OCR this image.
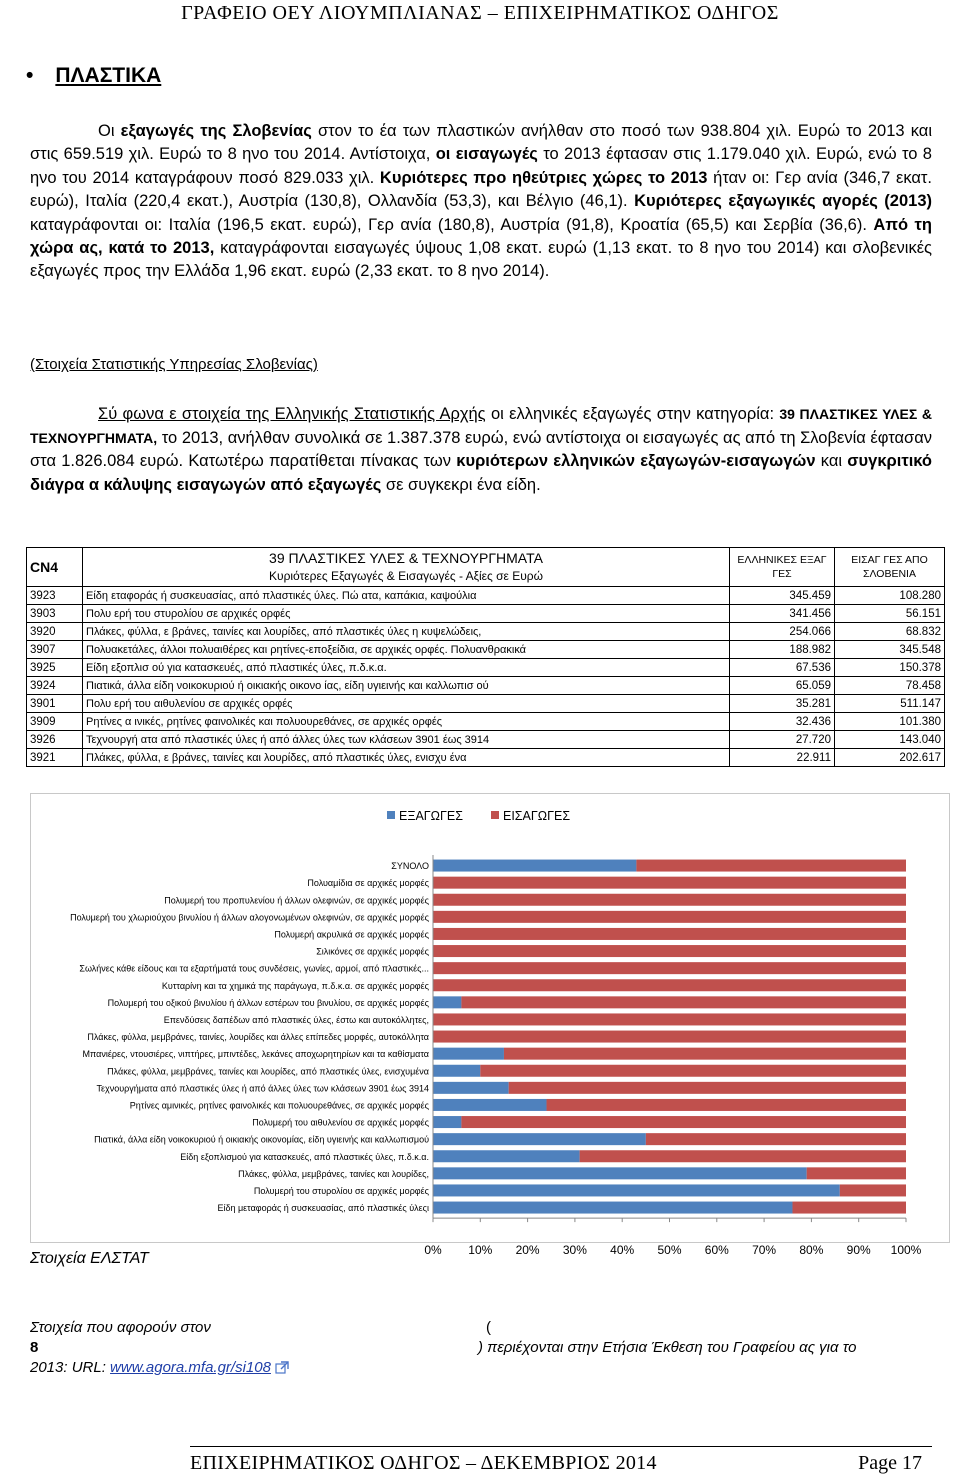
ΓΡΑΦΕΙΟ ΟΕΥ ΛΙΟΥΜΠΛΙΑΝΑΣ – ΕΠΙΧΕΙΡΗΜΑΤΙΚΟΣ ΟΔΗΓΟΣ
• ΠΛΑΣΤΙΚΑ
Οι εξαγωγές της Σλοβενίας στον το έα των πλαστικών ανήλθαν στο ποσό των 938.804 χιλ. Ευρώ το 2013 και στις 659.519 χιλ. Ευρώ το 8 ηνο του 2014. Αντίστοιχα, οι εισαγωγές το 2013 έφτασαν στις 1.179.040 χιλ. Ευρώ, ενώ το 8 ηνο του 2014 καταγράφουν ποσό 829.033 χιλ. Κυριότερες προ ηθεύτριες χώρες το 2013 ήταν οι: Γερ ανία (346,7 εκατ. ευρώ), Ιταλία (220,4 εκατ.), Αυστρία (130,8), Ολλανδία (53,3), και Βέλγιο (46,1). Κυριότερες εξαγωγικές αγορές (2013) καταγράφονται οι: Ιταλία (196,5 εκατ. ευρώ), Γερ ανία (180,8), Αυστρία (91,8), Κροατία (65,5) και Σερβία (36,6). Από τη χώρα ας, κατά το 2013, καταγράφονται εισαγωγές ύψους 1,08 εκατ. ευρώ (1,13 εκατ. το 8 ηνο του 2014) και σλοβενικές εξαγωγές προς την Ελλάδα 1,96 εκατ. ευρώ (2,33 εκατ. το 8 ηνο 2014).
(Στοιχεία Στατιστικής Υπηρεσίας Σλοβενίας)
Σύ φωνα ε στοιχεία της Ελληνικής Στατιστικής Αρχής οι ελληνικές εξαγωγές στην κατηγορία: 39 ΠΛΑΣΤΙΚΕΣ ΥΛΕΣ & ΤΕΧΝΟΥΡΓΗΜΑΤΑ, το 2013, ανήλθαν συνολικά σε 1.387.378 ευρώ, ενώ αντίστοιχα οι εισαγωγές ας από τη Σλοβενία έφτασαν στα 1.826.084 ευρώ. Κατωτέρω παρατίθεται πίνακας των κυριότερων ελληνικών εξαγωγών-εισαγωγών και συγκριτικό διάγρα α κάλυψης εισαγωγών από εξαγωγές σε συγκεκρι ένα είδη.
CN4	39 ΠΛΑΣΤΙΚΕΣ ΥΛΕΣ & ΤΕΧΝΟΥΡΓΗΜΑΤΑ
Κυριότερες Εξαγωγές & Εισαγωγές - Αξίες σε Ευρώ	ΕΛΛΗΝΙΚΕΣ ΕΞΑΓ ΓΕΣ	ΕΙΣΑΓ ΓΕΣ ΑΠΟ ΣΛΟΒΕΝΙΑ
3923	Είδη εταφοράς ή συσκευασίας, από πλαστικές ύλες. Πώ ατα, καπάκια, καψούλια	345.459	108.280
3903	Πολυ ερή του στυρολίου σε αρχικές ορφές	341.456	56.151
3920	Πλάκες, φύλλα, ε βράνες, ταινίες και λουρίδες, από πλαστικές ύλες η κυψελώδεις,	254.066	68.832
3907	Πολυακετάλες, άλλοι πολυαιθέρες και ρητίνες-εποξείδια, σε αρχικές ορφές. Πολυανθρακικά	188.982	345.548
3925	Είδη εξοπλισ ού για κατασκευές, από πλαστικές ύλες, π.δ.κ.α.	67.536	150.378
3924	Πιατικά, άλλα είδη νοικοκυριού ή οικιακής οικονο ίας, είδη υγιεινής και καλλωπισ ού	65.059	78.458
3901	Πολυ ερή του αιθυλενίου σε αρχικές ορφές	35.281	511.147
3909	Ρητίνες α ινικές, ρητίνες φαινολικές και πολυουρεθάνες, σε αρχικές ορφές	32.436	101.380
3926	Τεχνουργή ατα από πλαστικές ύλες ή από άλλες ύλες των κλάσεων 3901 έως 3914	27.720	143.040
3921	Πλάκες, φύλλα, ε βράνες, ταινίες και λουρίδες, από πλαστικές ύλες, ενισχυ ένα	22.911	202.617
ΕΞΑΓΩΓΕΣ	ΕΙΣΑΓΩΓΕΣ
ΣΥΝΟΛΟ
Πολυαμίδια σε αρχικές μορφές
Πολυμερή του προπυλενίου ή άλλων ολεφινών, σε αρχικές μορφές
Πολυμερή του χλωριούχου βινυλίου ή άλλων αλογονωμένων ολεφινών, σε αρχικές μορφές
Πολυμερή ακρυλικά σε αρχικές μορφές
Σιλικόνες σε αρχικές μορφές
Σωλήνες κάθε είδους και τα εξαρτήματά τους συνδέσεις, γωνίες, αρμοί, από πλαστικές...
Κυτταρίνη και τα χημικά της παράγωγα, π.δ.κ.α. σε αρχικές μορφές
Πολυμερή του οξικού βινυλίου ή άλλων εστέρων του βινυλίου, σε αρχικές μορφές
Επενδύσεις δαπέδων από πλαστικές ύλες, έστω και αυτοκόλλητες,
Πλάκες, φύλλα, μεμβράνες, ταινίες, λουρίδες και άλλες επίπεδες μορφές, αυτοκόλλητα
Μπανιέρες, ντουσιέρες, νιπτήρες, μπιντέδες, λεκάνες αποχωρητηρίων και τα καθίσματα
Πλάκες, φύλλα, μεμβράνες, ταινίες και λουρίδες, από πλαστικές ύλες, ενισχυμένα
Τεχνουργήματα από πλαστικές ύλες ή από άλλες ύλες των κλάσεων 3901 έως 3914
Ρητίνες αμινικές, ρητίνες φαινολικές και πολυουρεθάνες, σε αρχικές μορφές
Πολυμερή του αιθυλενίου σε αρχικές μορφές
Πιατικά, άλλα είδη νοικοκυριού ή οικιακής οικονομίας, είδη υγιεινής και καλλωπισμού
Είδη εξοπλισμού για κατασκευές, από πλαστικές ύλες, π.δ.κ.α.
Πλάκες, φύλλα, μεμβράνες, ταινίες και λουρίδες,
Πολυμερή του στυρολίου σε αρχικές μορφές
Είδη μεταφοράς ή συσκευασίας, από πλαστικές ύλεςι
0% 10% 20% 30% 40% 50% 60% 70% 80% 90% 100%
Στοιχεία ΕΛΣΤΑΤ
Στοιχεία που αφορούν στον	(
8	) περιέχονται στην Ετήσια Έκθεση του Γραφείου ας για το
2013: URL: www.agora.mfa.gr/si108
ΕΠΙΧΕΙΡΗΜΑΤΙΚΟΣ ΟΔΗΓΟΣ – ΔΕΚΕΜΒΡΙΟΣ 2014	Page 17
